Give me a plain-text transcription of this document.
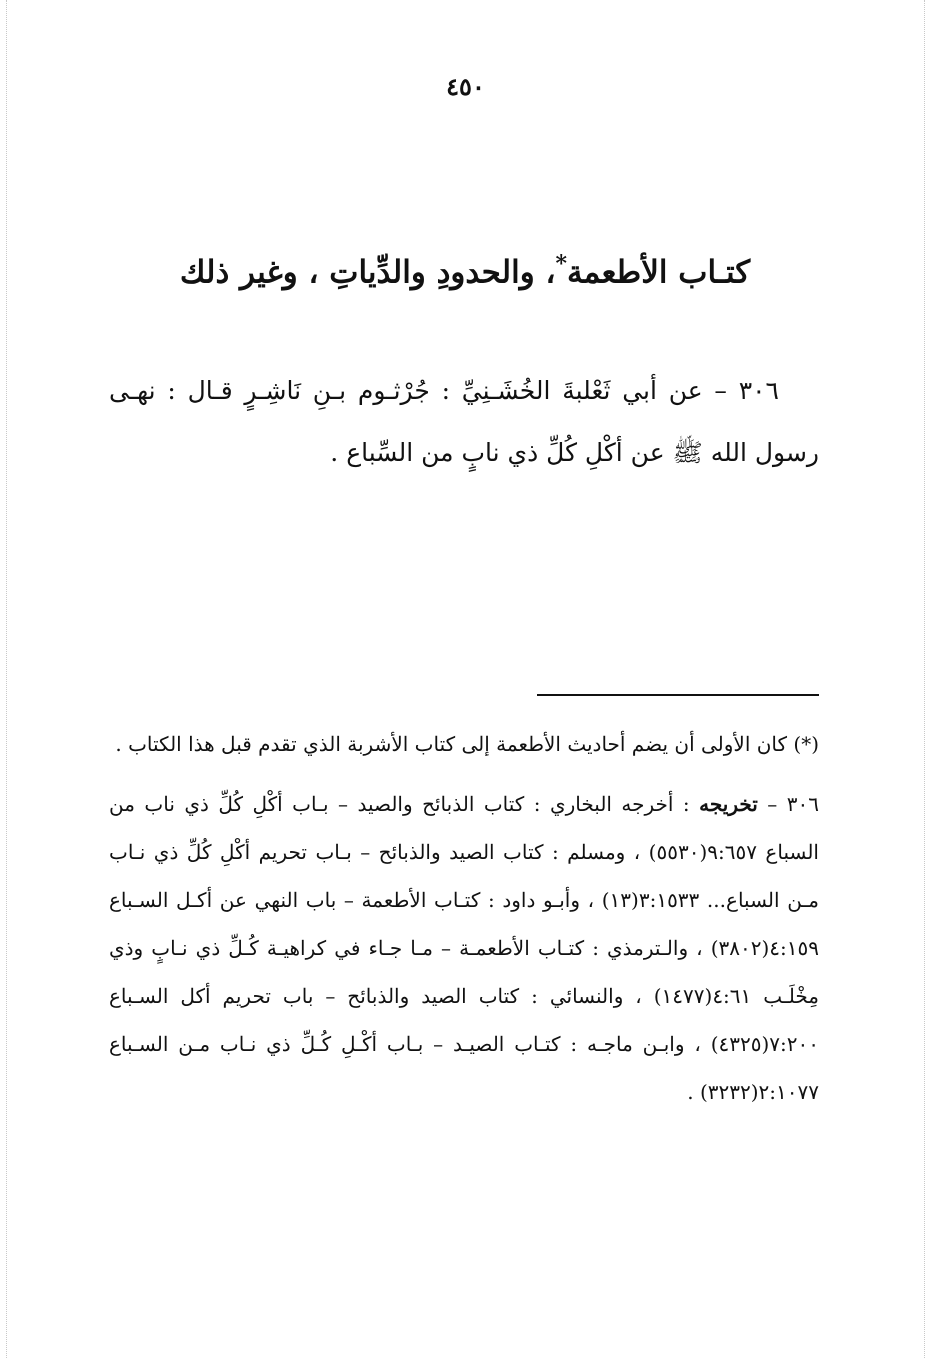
٤٥٠
كتـاب الأطعمة*، والحدودِ والدِّياتِ ، وغير ذلك

٣٠٦ – عن أبي ثَعْلبةَ الخُشَـنِيِّ : جُرْثـوم بـنِ نَاشِـرٍ قـال : نهـى رسول الله ﷺ عن أكْلِ كُلِّ ذي نابٍ من السِّباع .

(*) كان الأولى أن يضم أحاديث الأطعمة إلى كتاب الأشربة الذي تقدم قبل هذا الكتاب .

٣٠٦ – تخريجه : أخرجه البخاري : كتاب الذبائح والصيد – بـاب أكْلِ كُلِّ ذي ناب من السباع ٩:٦٥٧(٥٥٣٠) ، ومسلم : كتاب الصيد والذبائح – بـاب تحريم أكْلِ كُلِّ ذي نـاب مـن السباع... ٣:١٥٣٣(١٣) ، وأبـو داود : كتـاب الأطعمة – باب النهي عن أكـل السـباع ٤:١٥٩(٣٨٠٢) ، والـترمذي : كتـاب الأطعمـة – مـا جـاء في كراهيـة كُـلِّ ذي نـابٍ وذي مِخْلَـب ٤:٦١(١٤٧٧) ، والنسائي : كتاب الصيد والذبائح – باب تحريم أكل السـباع ٧:٢٠٠(٤٣٢٥) ، وابـن ماجـه : كتـاب الصيـد – بـاب أكْـلِ كُـلِّ ذي نـاب مـن السـباع ٢:١٠٧٧(٣٢٣٢) .
